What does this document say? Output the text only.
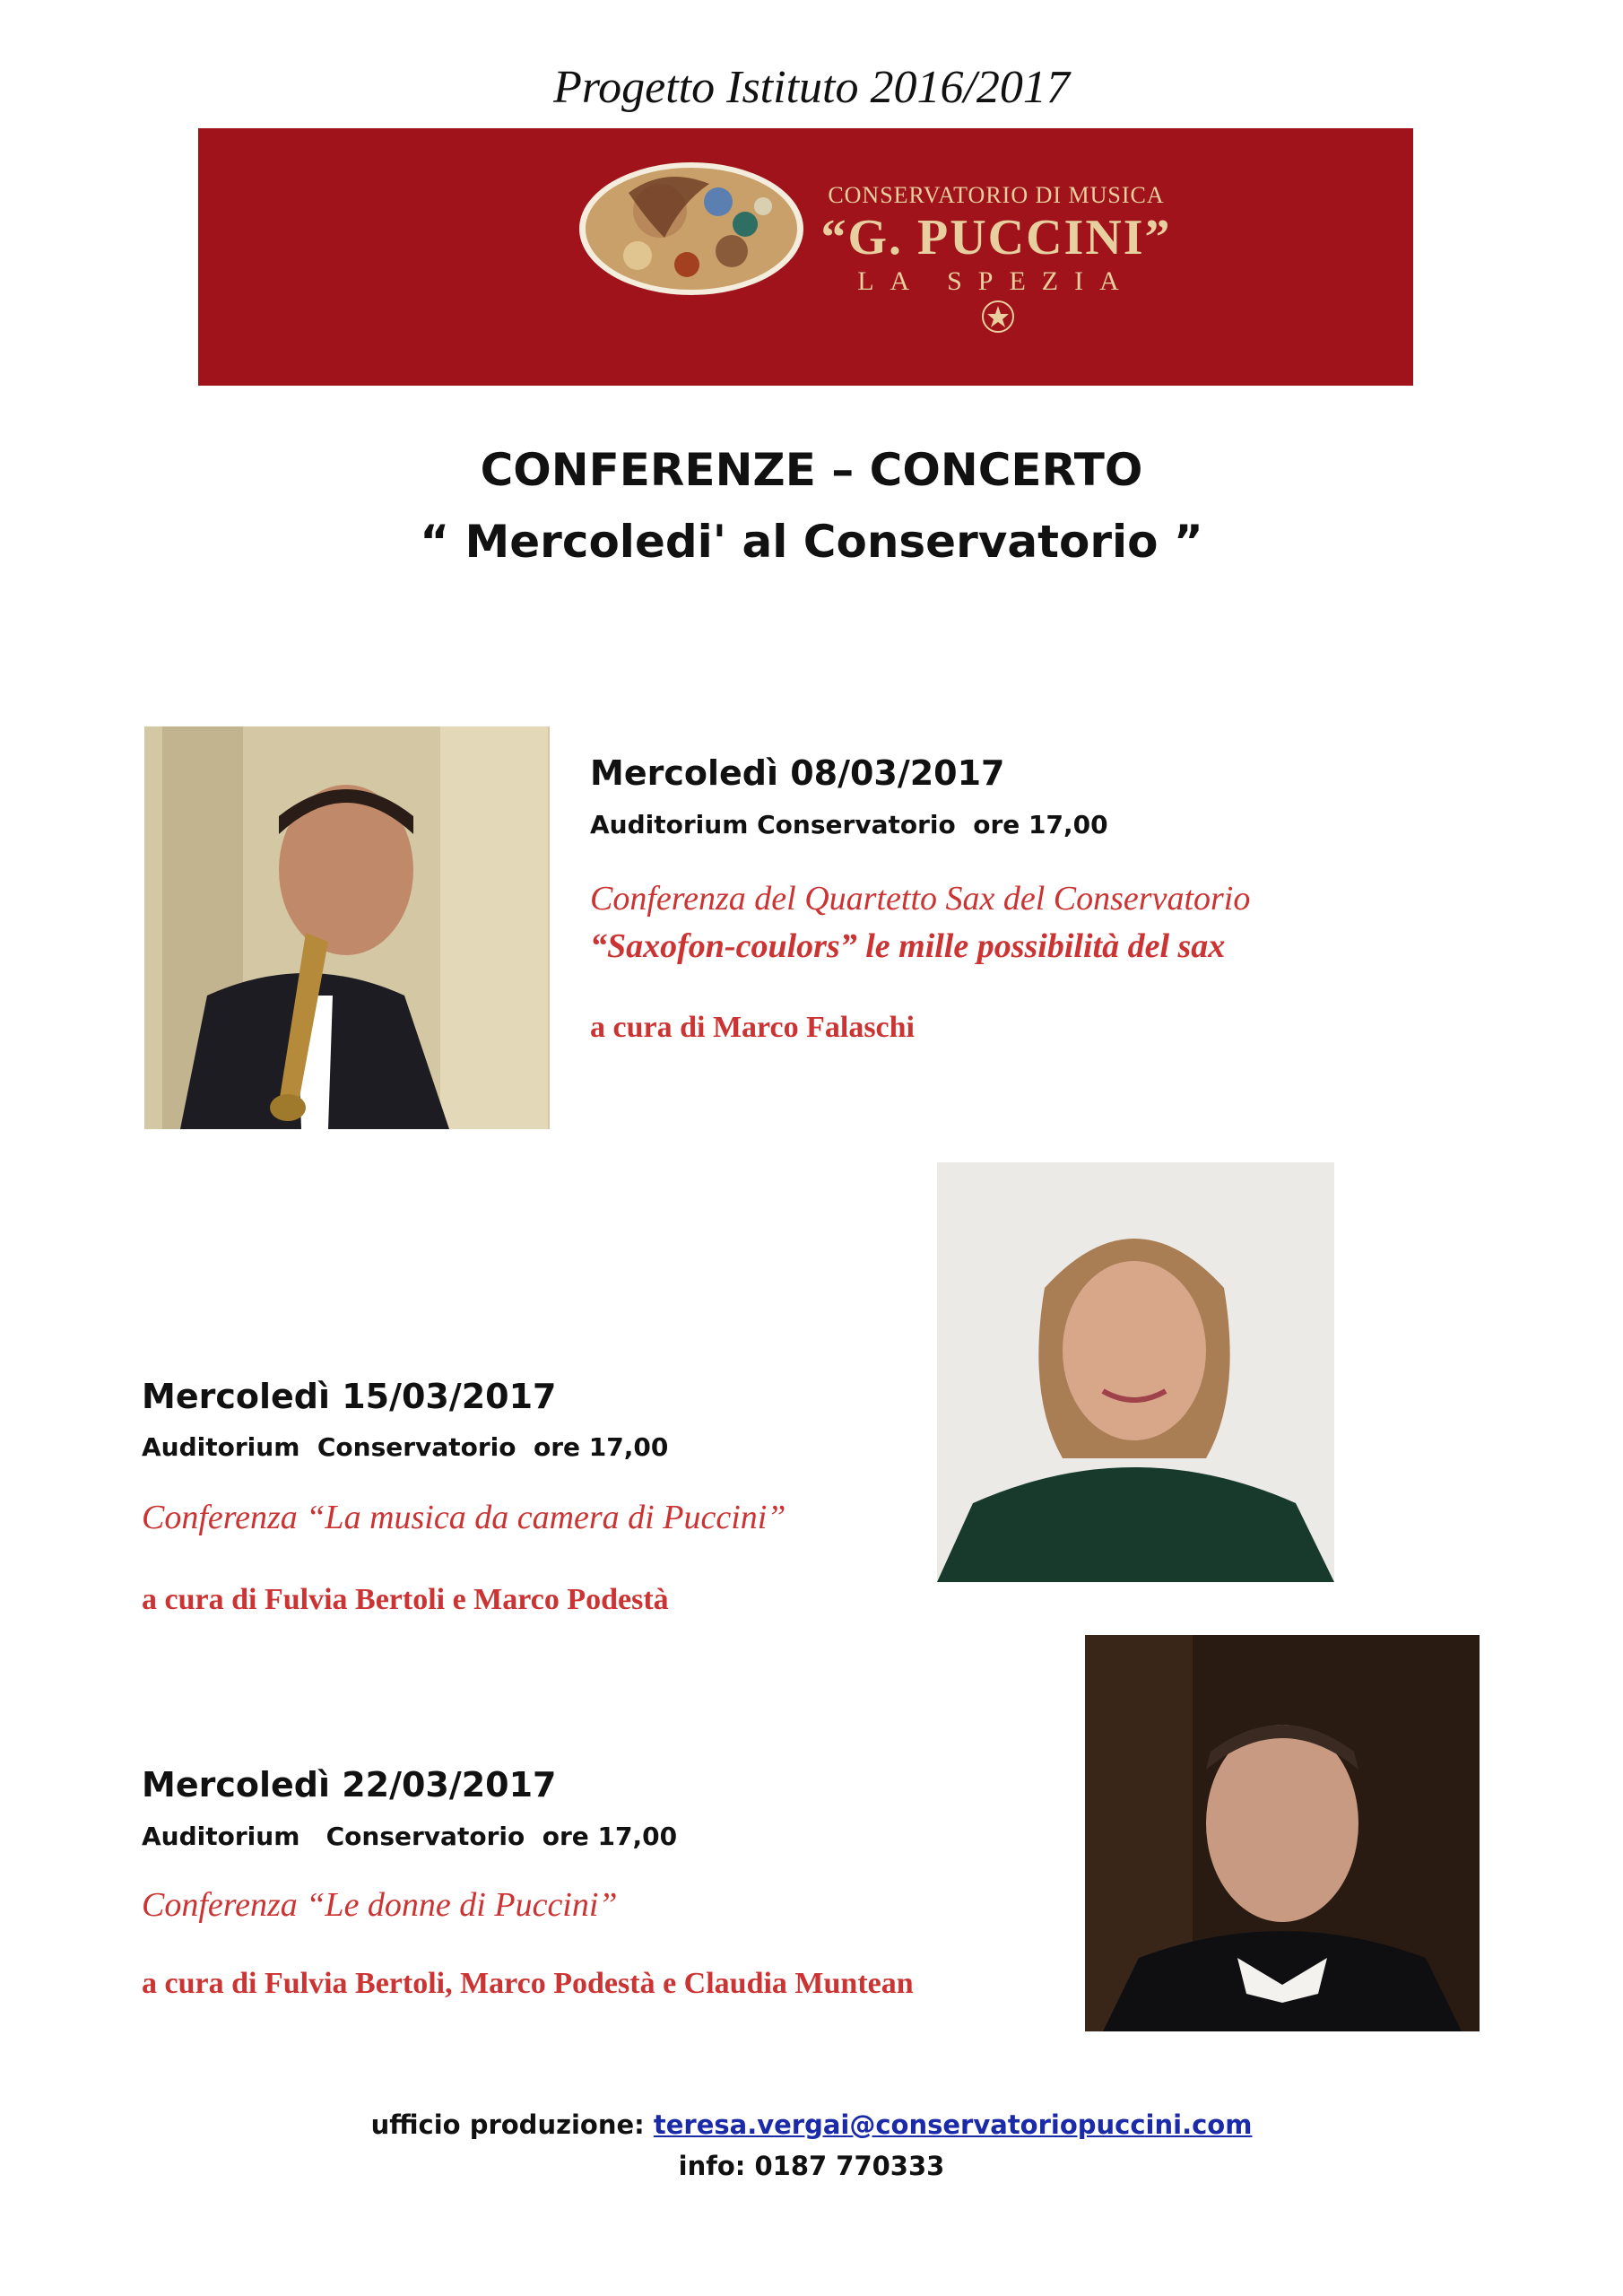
Progetto Istituto 2016/2017
CONSERVATORIO DI MUSICA
“G. PUCCINI”
LA SPEZIA
CONFERENZE – CONCERTO
“ Mercoledi' al Conservatorio ”
Mercoledì 08/03/2017
Auditorium Conservatorio  ore 17,00
Conferenza del Quartetto Sax del Conservatorio
“Saxofon-coulors” le mille possibilità del sax
a cura di Marco Falaschi
Mercoledì 15/03/2017
Auditorium  Conservatorio  ore 17,00
Conferenza “La musica da camera di Puccini”
a cura di Fulvia Bertoli e Marco Podestà
Mercoledì 22/03/2017
Auditorium   Conservatorio  ore 17,00
Conferenza “Le donne di Puccini”
a cura di Fulvia Bertoli, Marco Podestà e Claudia Muntean
ufficio produzione: teresa.vergai@conservatoriopuccini.com
info: 0187 770333
